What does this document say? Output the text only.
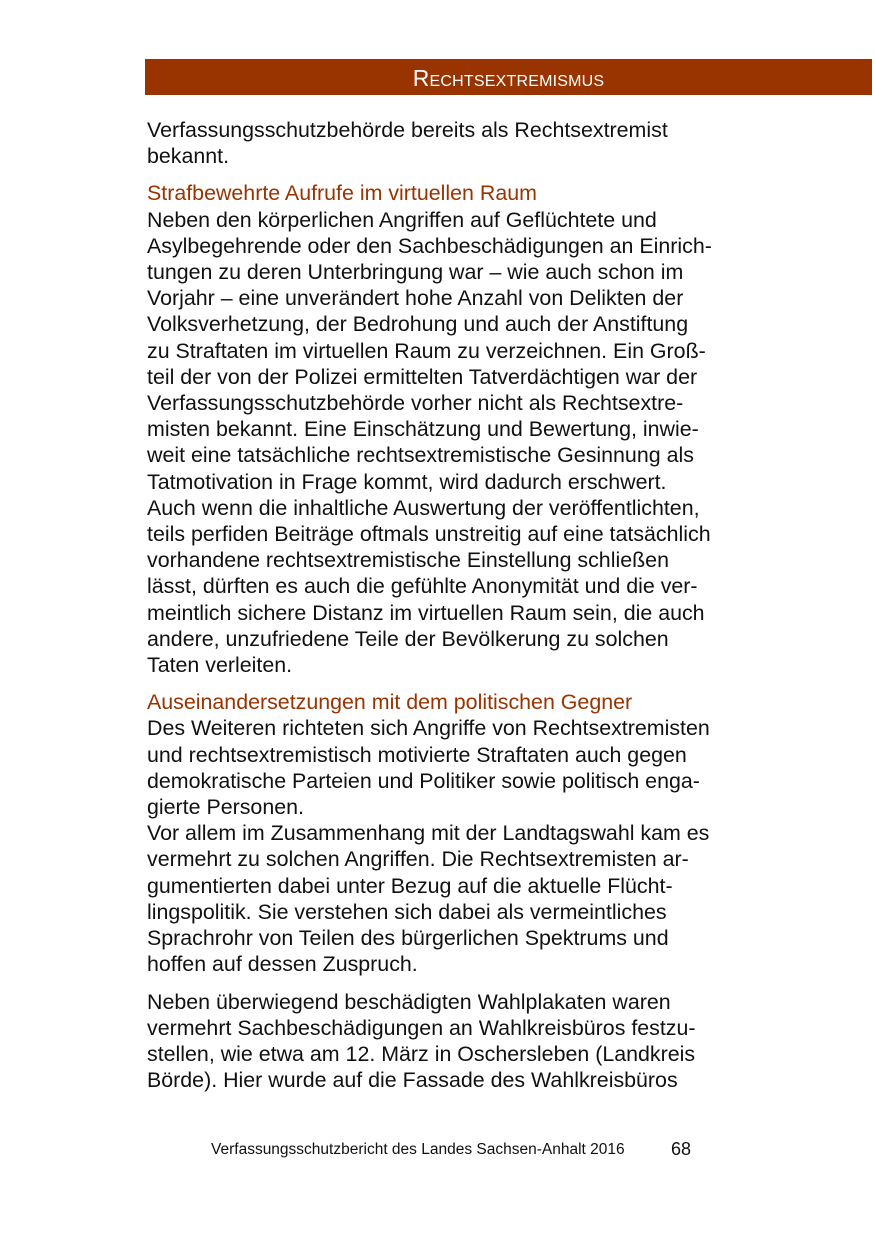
Rechtsextremismus

Verfassungsschutzbehörde bereits als Rechtsextremist
bekannt.

Strafbewehrte Aufrufe im virtuellen Raum

Neben den körperlichen Angriffen auf Geflüchtete und
Asylbegehrende oder den Sachbeschädigungen an Einrich-
tungen zu deren Unterbringung war – wie auch schon im
Vorjahr – eine unverändert hohe Anzahl von Delikten der
Volksverhetzung, der Bedrohung und auch der Anstiftung
zu Straftaten im virtuellen Raum zu verzeichnen. Ein Groß-
teil der von der Polizei ermittelten Tatverdächtigen war der
Verfassungsschutzbehörde vorher nicht als Rechtsextre-
misten bekannt. Eine Einschätzung und Bewertung, inwie-
weit eine tatsächliche rechtsextremistische Gesinnung als
Tatmotivation in Frage kommt, wird dadurch erschwert.
Auch wenn die inhaltliche Auswertung der veröffentlichten,
teils perfiden Beiträge oftmals unstreitig auf eine tatsächlich
vorhandene rechtsextremistische Einstellung schließen
lässt, dürften es auch die gefühlte Anonymität und die ver-
meintlich sichere Distanz im virtuellen Raum sein, die auch
andere, unzufriedene Teile der Bevölkerung zu solchen
Taten verleiten.

Auseinandersetzungen mit dem politischen Gegner

Des Weiteren richteten sich Angriffe von Rechtsextremisten
und rechtsextremistisch motivierte Straftaten auch gegen
demokratische Parteien und Politiker sowie politisch enga-
gierte Personen.
Vor allem im Zusammenhang mit der Landtagswahl kam es
vermehrt zu solchen Angriffen. Die Rechtsextremisten ar-
gumentierten dabei unter Bezug auf die aktuelle Flücht-
lingspolitik. Sie verstehen sich dabei als vermeintliches
Sprachrohr von Teilen des bürgerlichen Spektrums und
hoffen auf dessen Zuspruch.

Neben überwiegend beschädigten Wahlplakaten waren
vermehrt Sachbeschädigungen an Wahlkreisbüros festzu-
stellen, wie etwa am 12. März in Oschersleben (Landkreis
Börde). Hier wurde auf die Fassade des Wahlkreisbüros

Verfassungsschutzbericht des Landes Sachsen-Anhalt 2016	68
